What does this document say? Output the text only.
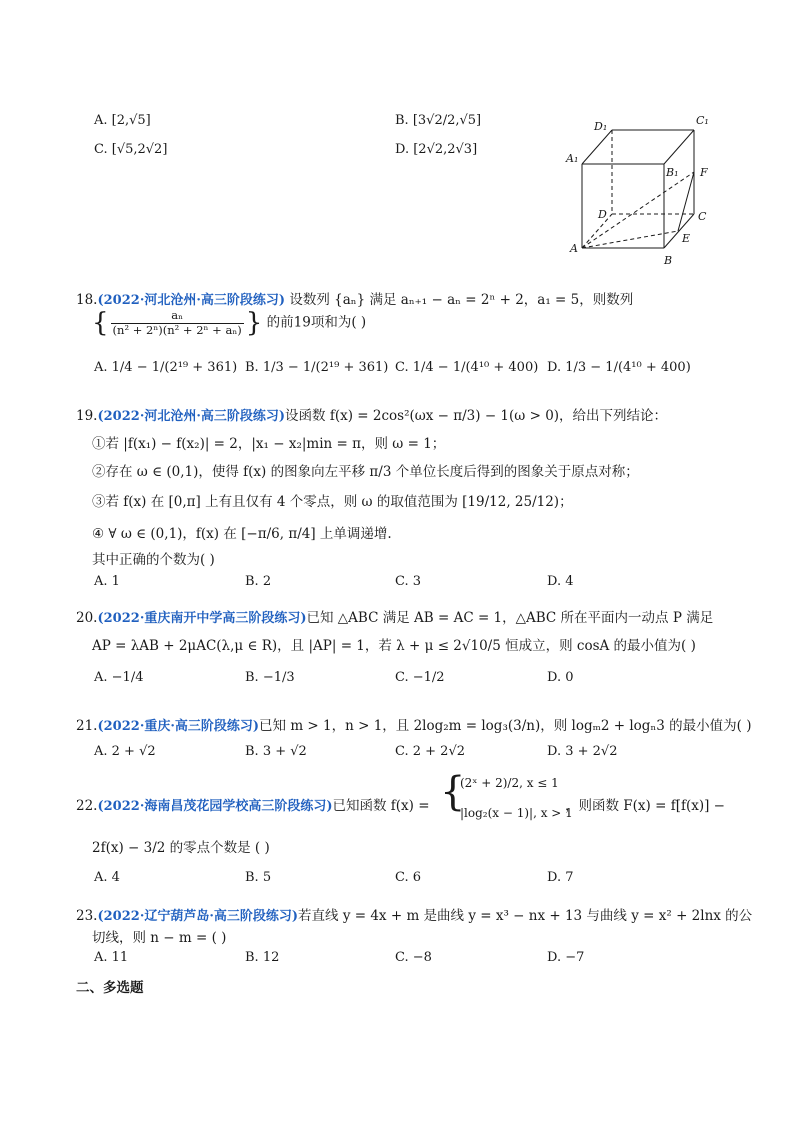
A. [2,√5]	B. [3√2/2,√5]
C. [√5,2√2]	D. [2√2,2√3]
D₁	C₁
A₁
B₁ F
D	C
A
E
B
18.(2022·河北沧州·高三阶段练习) 设数列 {aₙ} 满足 aₙ₊₁ − aₙ = 2ⁿ + 2，a₁ = 5，则数列
{ $\frac{\text{aₙ}}{\text{(n² + 2ⁿ)(n² + 2ⁿ + aₙ)}}$ } 的前19项和为( )
A. 1/4 − 1/(2¹⁹ + 361) B. 1/3 − 1/(2¹⁹ + 361) C. 1/4 − 1/(4¹⁰ + 400) D. 1/3 − 1/(4¹⁰ + 400)
19.(2022·河北沧州·高三阶段练习)设函数 f(x) = 2cos²(ωx − π/3) − 1(ω > 0)，给出下列结论：
①若 |f(x₁) − f(x₂)| = 2，|x₁ − x₂|min = π，则 ω = 1；
②存在 ω ∈ (0,1)，使得 f(x) 的图象向左平移 π/3 个单位长度后得到的图象关于原点对称；
③若 f(x) 在 [0,π] 上有且仅有 4 个零点，则 ω 的取值范围为 [19/12, 25/12)；
④ ∀ ω ∈ (0,1)，f(x) 在 [−π/6, π/4] 上单调递增.
其中正确的个数为( )
A. 1	B. 2	C. 3	D. 4
20.(2022·重庆南开中学高三阶段练习)已知 △ABC 满足 AB = AC = 1，△ABC 所在平面内一动点 P 满足
AP = λAB + 2μAC(λ,μ ∈ R)，且 |AP| = 1，若 λ + μ ≤ 2√10/5 恒成立，则 cosA 的最小值为( )
A. −1/4	B. −1/3	C. −1/2	D. 0
21.(2022·重庆·高三阶段练习)已知 m > 1，n > 1，且 2log₂m = log₃(3/n)，则 logₘ2 + logₙ3 的最小值为( )
A. 2 + √2	B. 3 + √2	C. 2 + 2√2	D. 3 + 2√2
22.(2022·海南昌茂花园学校高三阶段练习)已知函数 f(x) = {
(2ˣ + 2)/2, x ≤ 1
|log₂(x − 1)|, x > 1
，则函数 F(x) = f[f(x)] −
2f(x) − 3/2 的零点个数是 ( )
A. 4	B. 5	C. 6	D. 7
23.(2022·辽宁葫芦岛·高三阶段练习)若直线 y = 4x + m 是曲线 y = x³ − nx + 13 与曲线 y = x² + 2lnx 的公
切线，则 n − m = ( )
A. 11	B. 12	C. −8	D. −7
二、多选题
